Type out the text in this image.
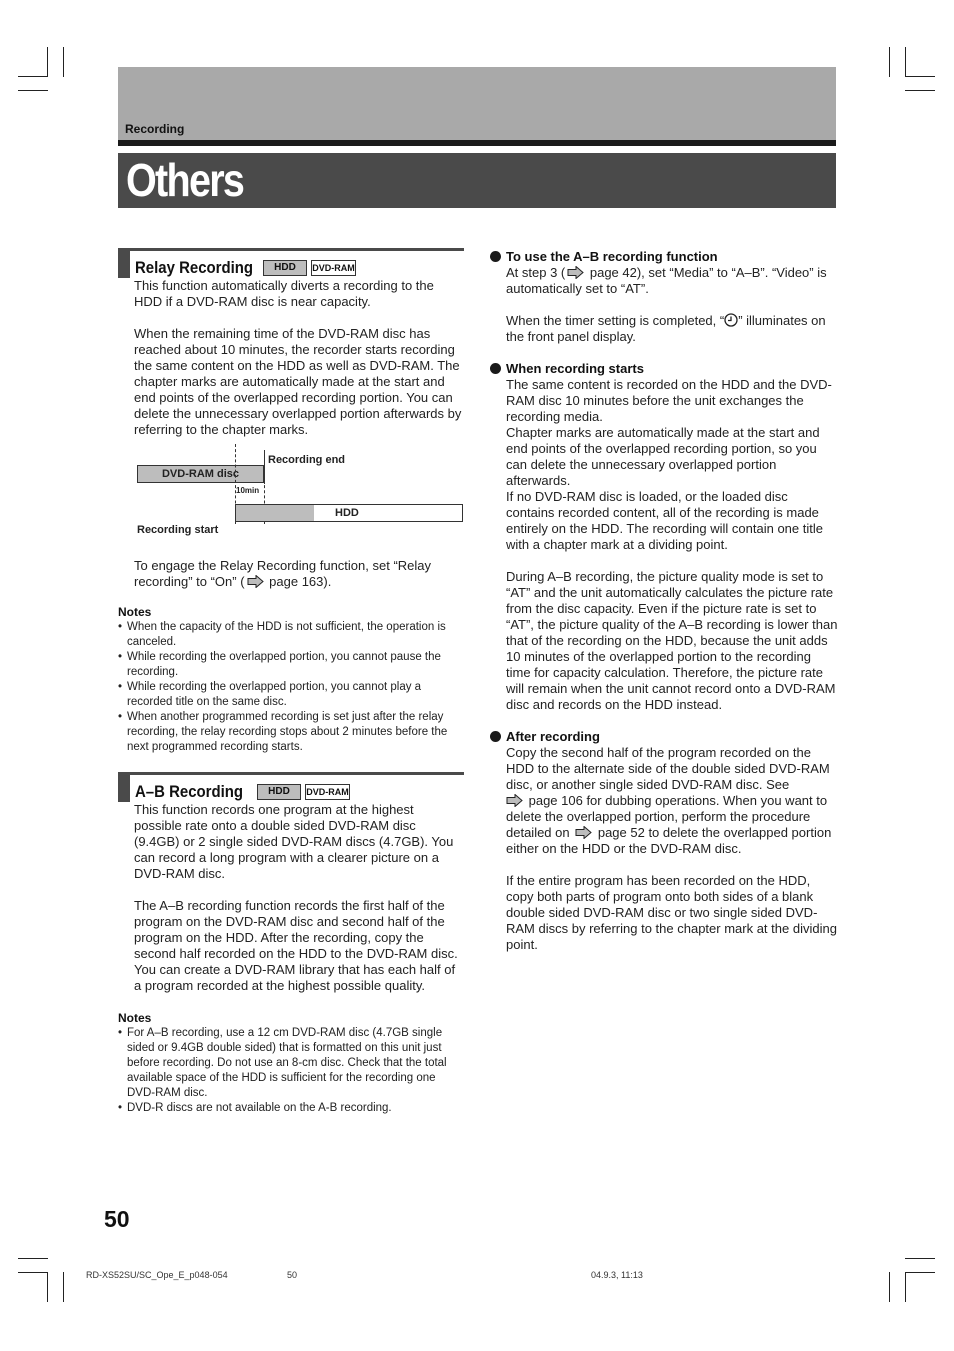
Recording
Others
Relay Recording	HDD	DVD-RAM

This function automatically diverts a recording to the HDD if a DVD-RAM disc is near capacity.

When the remaining time of the DVD-RAM disc has reached about 10 minutes, the recorder starts recording the same content on the HDD as well as DVD-RAM. The chapter marks are automatically made at the start and end points of the overlapped recording portion. You can delete the unnecessary overlapped portion afterwards by referring to the chapter marks.

Recording end
DVD-RAM disc
10min
HDD
Recording start

To engage the Relay Recording function, set “Relay recording” to “On” ( page 163).

Notes
• When the capacity of the HDD is not sufficient, the operation is canceled.
• While recording the overlapped portion, you cannot pause the recording.
• While recording the overlapped portion, you cannot play a recorded title on the same disc.
• When another programmed recording is set just after the relay recording, the relay recording stops about 2 minutes before the next programmed recording starts.
A–B Recording	HDD	DVD-RAM

This function records one program at the highest possible rate onto a double sided DVD-RAM disc (9.4GB) or 2 single sided DVD-RAM discs (4.7GB). You can record a long program with a clearer picture on a DVD-RAM disc.

The A–B recording function records the first half of the program on the DVD-RAM disc and second half of the program on the HDD. After the recording, copy the second half recorded on the HDD to the DVD-RAM disc. You can create a DVD-RAM library that has each half of a program recorded at the highest possible quality.

Notes
• For A–B recording, use a 12 cm DVD-RAM disc (4.7GB single sided or 9.4GB double sided) that is formatted on this unit just before recording. Do not use an 8-cm disc. Check that the total available space of the HDD is sufficient for the recording one DVD-RAM disc.
• DVD-R discs are not available on the A-B recording.
To use the A–B recording function

At step 3 ( page 42), set “Media” to “A–B”. “Video” is automatically set to “AT”.

When the timer setting is completed, “ ” illuminates on the front panel display.

When recording starts
The same content is recorded on the HDD and the DVD-RAM disc 10 minutes before the unit exchanges the recording media.
Chapter marks are automatically made at the start and end points of the overlapped recording portion, so you can delete the unnecessary overlapped portion afterwards.

If no DVD-RAM disc is loaded, or the loaded disc contains recorded content, all of the recording is made entirely on the HDD. The recording will contain one title with a chapter mark at a dividing point.

During A–B recording, the picture quality mode is set to “AT” and the unit automatically calculates the picture rate from the disc capacity. Even if the picture rate is set to “AT”, the picture quality of the A–B recording is lower than that of the recording on the HDD, because the unit adds 10 minutes of the overlapped portion to the recording time for capacity calculation. Therefore, the picture rate will remain when the unit cannot record onto a DVD-RAM disc and records on the HDD instead.

After recording

Copy the second half of the program recorded on the HDD to the alternate side of the double sided DVD-RAM disc, or another single sided DVD-RAM disc. See
page 106 for dubbing operations. When you want to delete the overlapped portion, perform the procedure detailed on  page 52 to delete the overlapped portion either on the HDD or the DVD-RAM disc.

If the entire program has been recorded on the HDD, copy both parts of program onto both sides of a blank double sided DVD-RAM disc or two single sided DVD-RAM discs by referring to the chapter mark at the dividing point.

50
RD-XS52SU/SC_Ope_E_p048-054	50	04.9.3, 11:13
